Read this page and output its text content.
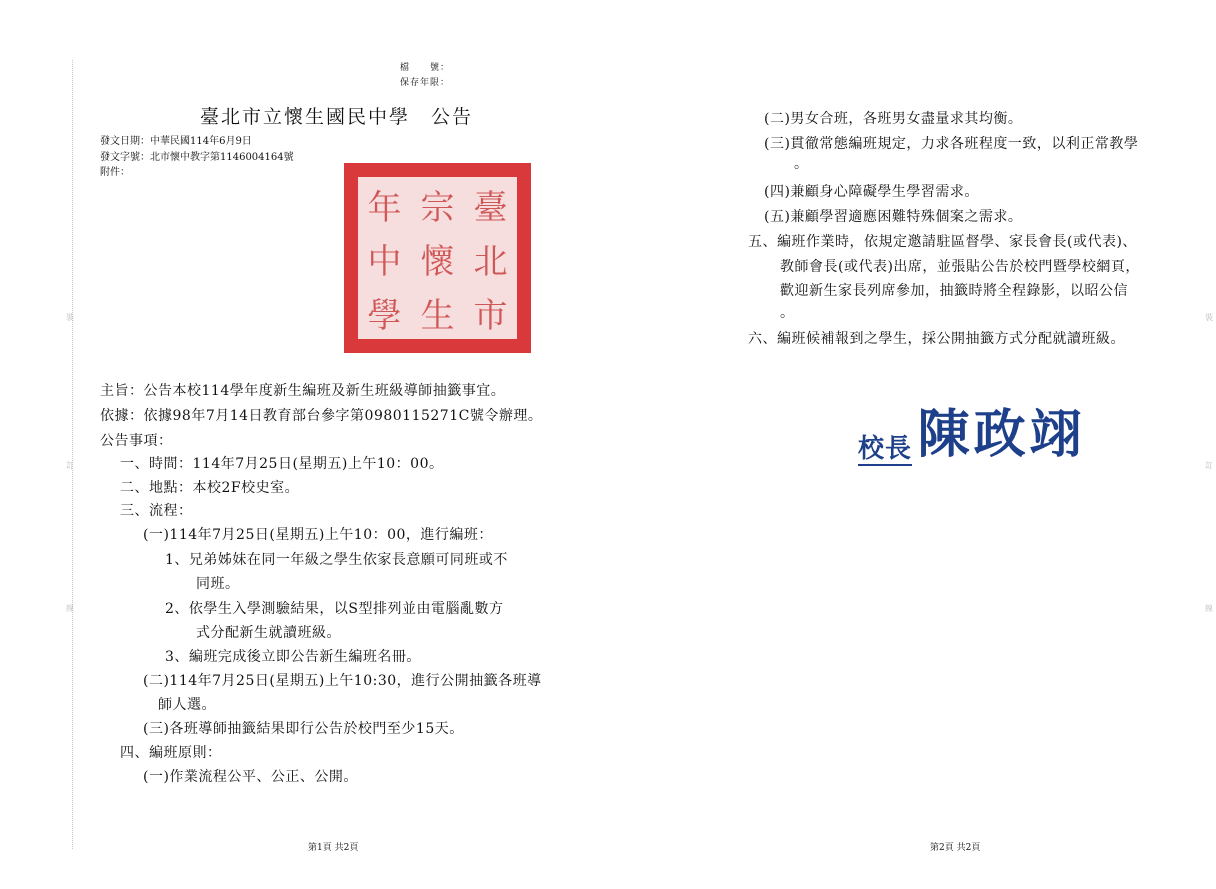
檔　　號：
保存年限：
臺北市立懷生國民中學　公告
發文日期：中華民國114年6月9日
發文字號：北市懷中教字第1146004164號
附件：
年 宗 臺
中 懷 北
學 生 市
主旨：公告本校114學年度新生編班及新生班級導師抽籤事宜。
依據：依據98年7月14日教育部台參字第0980115271C號令辦理。
公告事項：
一、時間：114年7月25日(星期五)上午10：00。
二、地點：本校2F校史室。
三、流程：
(一)114年7月25日(星期五)上午10：00，進行編班：
1、兄弟姊妹在同一年級之學生依家長意願可同班或不
同班。
2、依學生入學測驗結果，以S型排列並由電腦亂數方
式分配新生就讀班級。
3、編班完成後立即公告新生編班名冊。
(二)114年7月25日(星期五)上午10:30，進行公開抽籤各班導
師人選。
(三)各班導師抽籤結果即行公告於校門至少15天。
四、編班原則：
(一)作業流程公平、公正、公開。
第1頁 共2頁
(二)男女合班，各班男女盡量求其均衡。
(三)貫徹常態編班規定，力求各班程度一致，以利正常教學
。
(四)兼顧身心障礙學生學習需求。
(五)兼顧學習適應困難特殊個案之需求。
五、編班作業時，依規定邀請駐區督學、家長會長(或代表)、
教師會長(或代表)出席，並張貼公告於校門暨學校網頁，
歡迎新生家長列席參加，抽籤時將全程錄影，以昭公信
。
六、編班候補報到之學生，採公開抽籤方式分配就讀班級。
第2頁 共2頁
裝
訂
線
裝
訂
線
校長 陳政翊
